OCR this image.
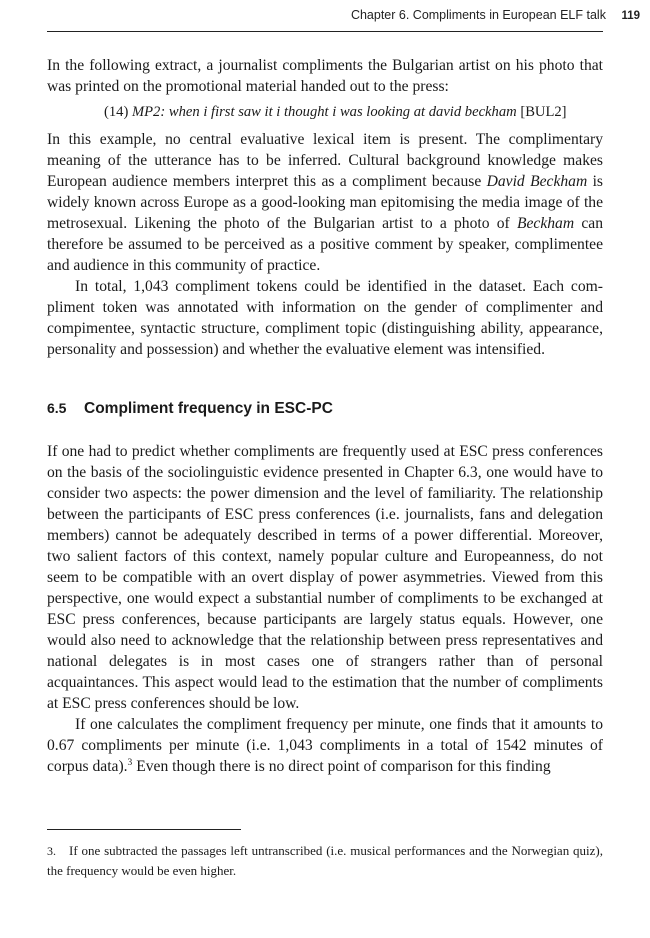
Chapter 6. Compliments in European ELF talk 119

In the following extract, a journalist compliments the Bulgarian artist on his photo that was printed on the promotional material handed out to the press:

(14) MP2: when i first saw it i thought i was looking at david beckham [BUL2]

In this example, no central evaluative lexical item is present. The complimentary meaning of the utterance has to be inferred. Cultural background knowledge makes European audience members interpret this as a compliment because David Beckham is widely known across Europe as a good-looking man epitomising the media image of the metrosexual. Likening the photo of the Bulgarian artist to a photo of Beckham can therefore be assumed to be perceived as a positive comment by speaker, complimentee and audience in this community of practice.

In total, 1,043 compliment tokens could be identified in the dataset. Each compliment token was annotated with information on the gender of complimenter and compimentee, syntactic structure, compliment topic (distinguishing ability, appearance, personality and possession) and whether the evaluative element was intensified.

6.5 Compliment frequency in ESC-PC

If one had to predict whether compliments are frequently used at ESC press conferences on the basis of the sociolinguistic evidence presented in Chapter 6.3, one would have to consider two aspects: the power dimension and the level of familiarity. The relationship between the participants of ESC press conferences (i.e. journalists, fans and delegation members) cannot be adequately described in terms of a power differential. Moreover, two salient factors of this context, namely popular culture and Europeanness, do not seem to be compatible with an overt display of power asymmetries. Viewed from this perspective, one would expect a substantial number of compliments to be exchanged at ESC press conferences, because participants are largely status equals. However, one would also need to acknowledge that the relationship between press representatives and national delegates is in most cases one of strangers rather than of personal acquaintances. This aspect would lead to the estimation that the number of compliments at ESC press conferences should be low.

If one calculates the compliment frequency per minute, one finds that it amounts to 0.67 compliments per minute (i.e. 1,043 compliments in a total of 1542 minutes of corpus data).$^3$ Even though there is no direct point of comparison for this finding

3. If one subtracted the passages left untranscribed (i.e. musical performances and the Norwegian quiz), the frequency would be even higher.
